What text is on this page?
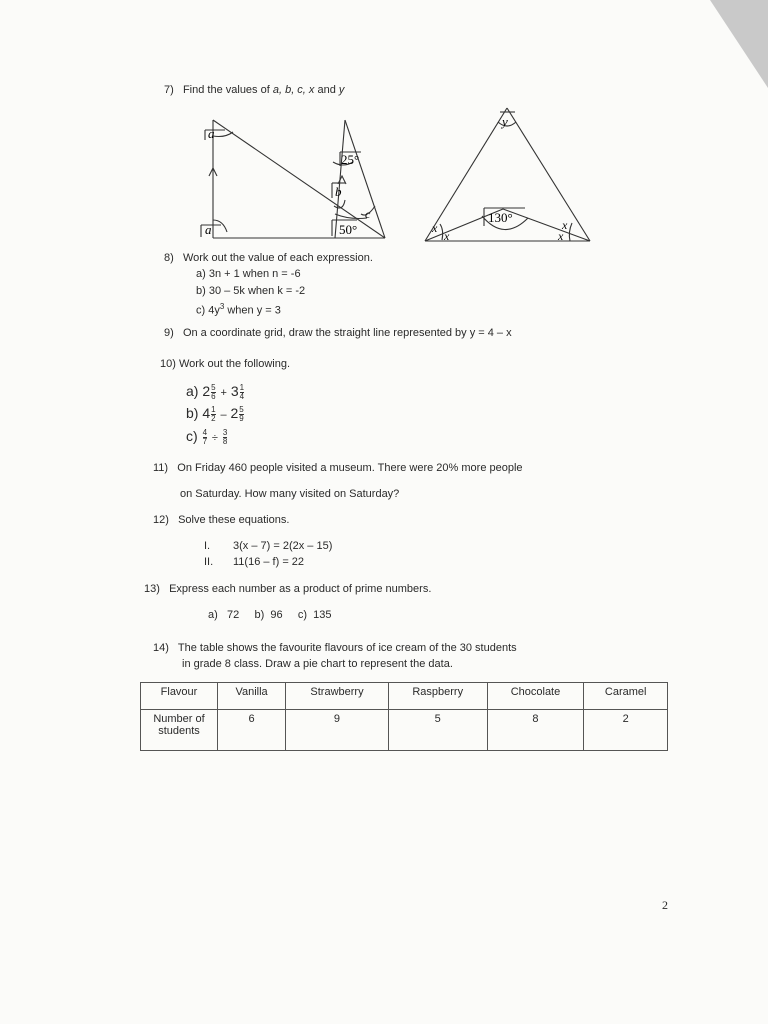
7) Find the values of a, b, c, x and y
a
a
25°
b
c
50°
y
x
x
x
x
130°
8) Work out the value of each expression.
a) 3n + 1 when n = -6
b) 30 – 5k when k = -2
c) $4y^3$ when y = 3
9) On a coordinate grid, draw the straight line represented by y = 4 – x
10) Work out the following.
a) $2 \frac{5}{6} + 3 \frac{1}{4}$
b) $4 \frac{1}{2} - 2 \frac{5}{9}$
$c) \frac{4}{7} \div \frac{3}{8}$
11) On Friday 460 people visited a museum. There were 20% more people
on Saturday. How many visited on Saturday?
12) Solve these equations.
I. 3(x – 7) = 2(2x – 15)
II. 11(16 – f) = 22
13) Express each number as a product of prime numbers.
a)   72     b)  96     c)  135
14) The table shows the favourite flavours of ice cream of the 30 students
in grade 8 class. Draw a pie chart to represent the data.
Flavour	Vanilla	Strawberry	Raspberry	Chocolate	Caramel
Number of
students	6	9	5	8	2
2
